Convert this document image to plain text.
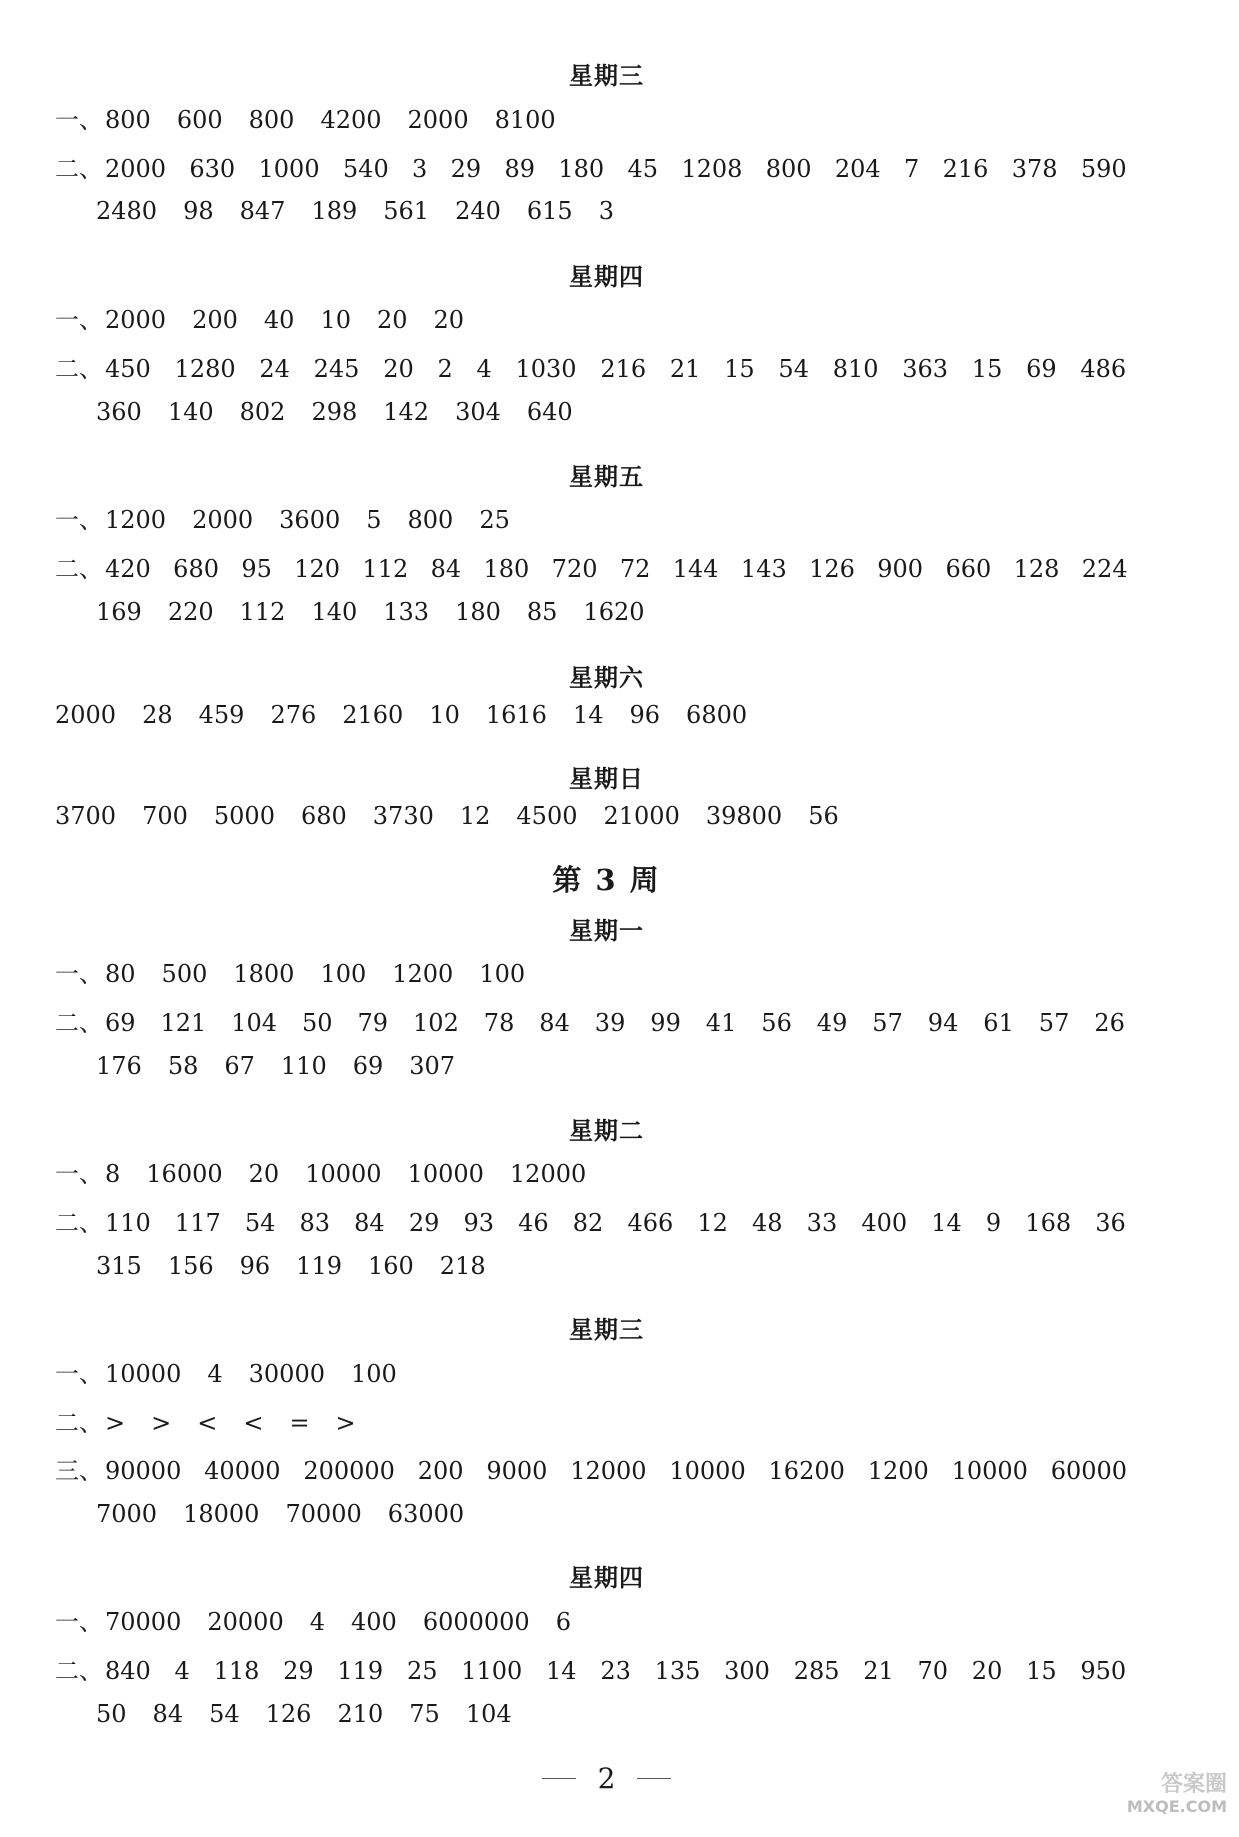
星期三
一、 800 600 800 4200 2000 8100
二、 2000 630 1000 540 3 29 89 180 45 1208 800 204 7 216 378 590
2480 98 847 189 561 240 615 3
星期四
一、 2000 200 40 10 20 20
二、 450 1280 24 245 20 2 4 1030 216 21 15 54 810 363 15 69 486
360 140 802 298 142 304 640
星期五
一、 1200 2000 3600 5 800 25
二、 420 680 95 120 112 84 180 720 72 144 143 126 900 660 128 224
169 220 112 140 133 180 85 1620
星期六
2000 28 459 276 2160 10 1616 14 96 6800
星期日
3700 700 5000 680 3730 12 4500 21000 39800 56
第 3 周
星期一
一、 80 500 1800 100 1200 100
二、 69 121 104 50 79 102 78 84 39 99 41 56 49 57 94 61 57 26
176 58 67 110 69 307
星期二
一、 8 16000 20 10000 10000 12000
二、 110 117 54 83 84 29 93 46 82 466 12 48 33 400 14 9 168 36
315 156 96 119 160 218
星期三
一、 10000 4 30000 100
二、 > > < < = >
三、 90000 40000 200000 200 9000 12000 10000 16200 1200 10000 60000
7000 18000 70000 63000
星期四
一、 70000 20000 4 400 6000000 6
二、 840 4 118 29 119 25 1100 14 23 135 300 285 21 70 20 15 950
50 84 54 126 210 75 104
2	答案圈
MXQE.COM
